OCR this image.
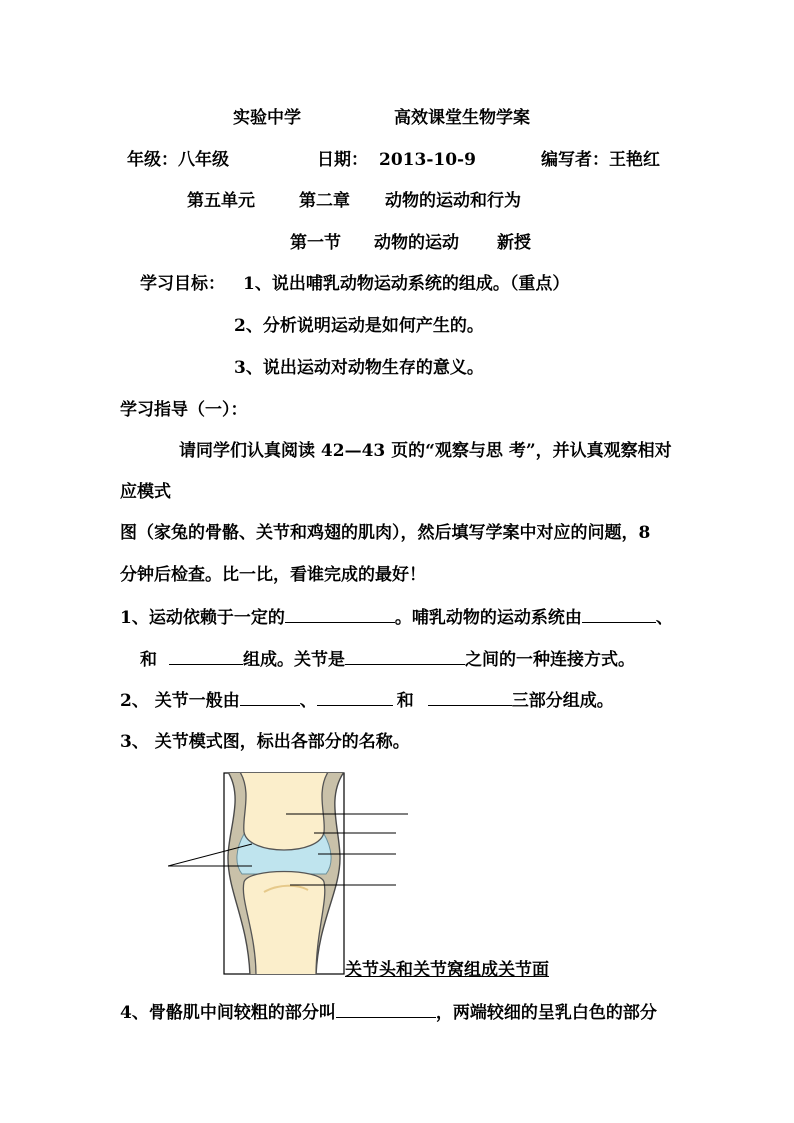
实验中学	高效课堂生物学案
年级：八年级	日期： 2013-10-9	编写者：王艳红
第五单元	第二章 动物的运动和行为
第一节 动物的运动 新授
学习目标： 1、说出哺乳动物运动系统的组成。（重点）
2、分析说明运动是如何产生的。
3、说出运动对动物生存的意义。
学习指导（一）：
请同学们认真阅读 42—43 页的“观察与思 考”，并认真观察相对
应模式
图（家兔的骨骼、关节和鸡翅的肌肉），然后填写学案中对应的问题，8
分钟后检查。比一比，看谁完成的最好！
1、运动依赖于一定的	。哺乳动物的运动系统由	、
和	组成。关节是	之间的一种连接方式。
2、 关节一般由	、	和	三部分组成。
3、 关节模式图，标出各部分的名称。
关节头和关节窝组成关节面
4、骨骼肌中间较粗的部分叫	，两端较细的呈乳白色的部分
